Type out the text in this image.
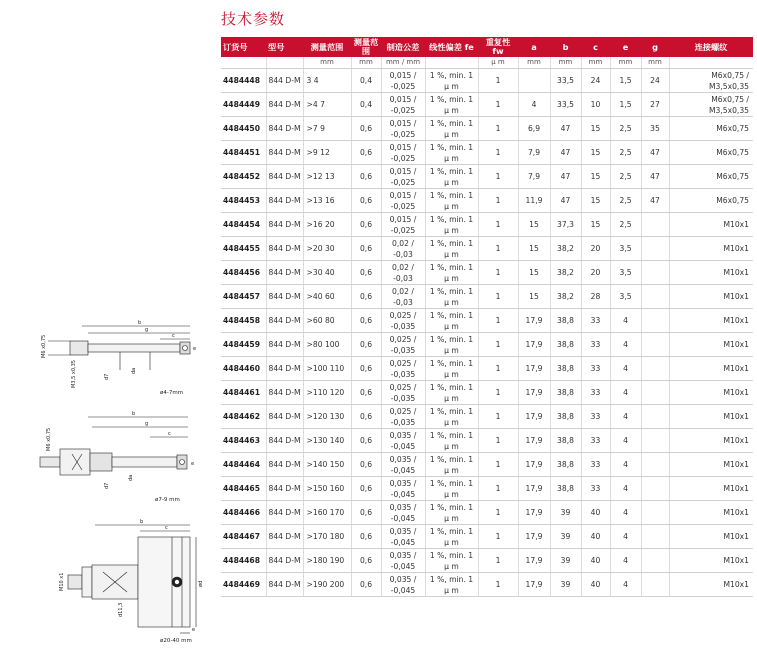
技术参数
订货号	型号	测量范围	测量范围	制造公差	线性偏差 fe	重复性 fw	a	b	c	e	g	连接螺纹
		mm	mm	mm / mm		µ m	mm	mm	mm	mm	mm	

4484448	844 D-M	3 4	0,4	0,015 /
-0,025	1 %, min. 1
µ m	1		33,5	24	1,5	24	M6x0,75 /
M3,5x0,35

4484449	844 D-M	>4 7	0,4	0,015 /
-0,025	1 %, min. 1
µ m	1	4	33,5	10	1,5	27	M6x0,75 /
M3,5x0,35

4484450	844 D-M	>7 9	0,6	0,015 /
-0,025	1 %, min. 1
µ m	1	6,9	47	15	2,5	35	M6x0,75

4484451	844 D-M	>9 12	0,6	0,015 /
-0,025	1 %, min. 1
µ m	1	7,9	47	15	2,5	47	M6x0,75

4484452	844 D-M	>12 13	0,6	0,015 /
-0,025	1 %, min. 1
µ m	1	7,9	47	15	2,5	47	M6x0,75

4484453	844 D-M	>13 16	0,6	0,015 /
-0,025	1 %, min. 1
µ m	1	11,9	47	15	2,5	47	M6x0,75

4484454	844 D-M	>16 20	0,6	0,015 /
-0,025	1 %, min. 1
µ m	1	15	37,3	15	2,5		M10x1

4484455	844 D-M	>20 30	0,6	0,02 /
-0,03	1 %, min. 1
µ m	1	15	38,2	20	3,5		M10x1

4484456	844 D-M	>30 40	0,6	0,02 /
-0,03	1 %, min. 1
µ m	1	15	38,2	20	3,5		M10x1

4484457	844 D-M	>40 60	0,6	0,02 /
-0,03	1 %, min. 1
µ m	1	15	38,2	28	3,5		M10x1

4484458	844 D-M	>60 80	0,6	0,025 /
-0,035	1 %, min. 1
µ m	1	17,9	38,8	33	4		M10x1

4484459	844 D-M	>80 100	0,6	0,025 /
-0,035	1 %, min. 1
µ m	1	17,9	38,8	33	4		M10x1

4484460	844 D-M	>100 110	0,6	0,025 /
-0,035	1 %, min. 1
µ m	1	17,9	38,8	33	4		M10x1

4484461	844 D-M	>110 120	0,6	0,025 /
-0,035	1 %, min. 1
µ m	1	17,9	38,8	33	4		M10x1

4484462	844 D-M	>120 130	0,6	0,025 /
-0,035	1 %, min. 1
µ m	1	17,9	38,8	33	4		M10x1

4484463	844 D-M	>130 140	0,6	0,035 /
-0,045	1 %, min. 1
µ m	1	17,9	38,8	33	4		M10x1

4484464	844 D-M	>140 150	0,6	0,035 /
-0,045	1 %, min. 1
µ m	1	17,9	38,8	33	4		M10x1

4484465	844 D-M	>150 160	0,6	0,035 /
-0,045	1 %, min. 1
µ m	1	17,9	38,8	33	4		M10x1

4484466	844 D-M	>160 170	0,6	0,035 /
-0,045	1 %, min. 1
µ m	1	17,9	39	40	4		M10x1

4484467	844 D-M	>170 180	0,6	0,035 /
-0,045	1 %, min. 1
µ m	1	17,9	39	40	4		M10x1

4484468	844 D-M	>180 190	0,6	0,035 /
-0,045	1 %, min. 1
µ m	1	17,9	39	40	4		M10x1

4484469	844 D-M	>190 200	0,6	0,035 /
-0,045	1 %, min. 1
µ m	1	17,9	39	40	4		M10x1
b
g
c
M6 x0,75
M3,5 x0,35	d7
da
e
ø4-7mm
b
g
c
M6 x0,75
d7
da
e
ø7-9 mm
b
c
M10 x1
d11,3
ød
e
ø20-40 mm
